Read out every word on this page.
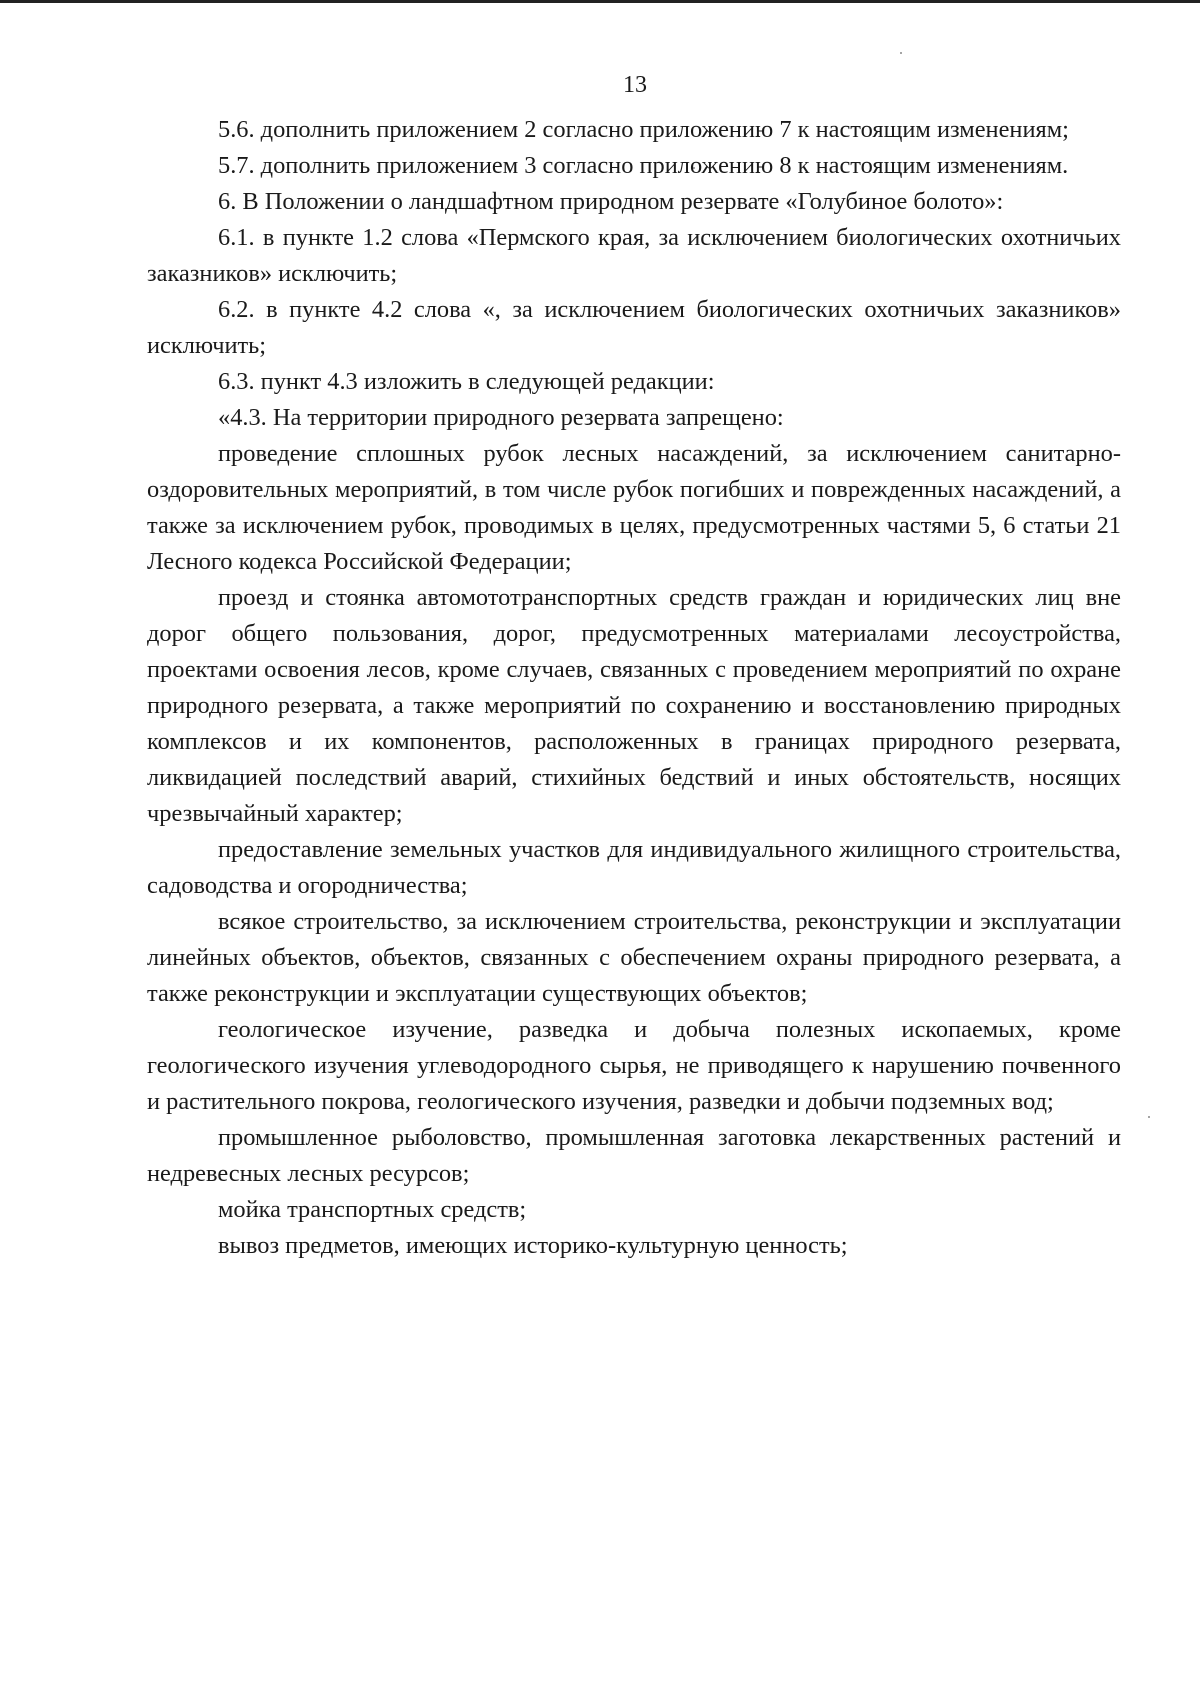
13

5.6. дополнить приложением 2 согласно приложению 7 к настоящим изменениям;

5.7. дополнить приложением 3 согласно приложению 8 к настоящим изменениям.

6. В Положении о ландшафтном природном резервате «Голубиное болото»:

6.1. в пункте 1.2 слова «Пермского края, за исключением биологических охотничьих заказников» исключить;

6.2. в пункте 4.2 слова «, за исключением биологических охотничьих заказников» исключить;

6.3. пункт 4.3 изложить в следующей редакции:

«4.3. На территории природного резервата запрещено:

проведение сплошных рубок лесных насаждений, за исключением санитарно-оздоровительных мероприятий, в том числе рубок погибших и поврежденных насаждений, а также за исключением рубок, проводимых в целях, предусмотренных частями 5, 6 статьи 21 Лесного кодекса Российской Федерации;

проезд и стоянка автомототранспортных средств граждан и юридических лиц вне дорог общего пользования, дорог, предусмотренных материалами лесоустройства, проектами освоения лесов, кроме случаев, связанных с проведением мероприятий по охране природного резервата, а также мероприятий по сохранению и восстановлению природных комплексов и их компонентов, расположенных в границах природного резервата, ликвидацией последствий аварий, стихийных бедствий и иных обстоятельств, носящих чрезвычайный характер;

предоставление земельных участков для индивидуального жилищного строительства, садоводства и огородничества;

всякое строительство, за исключением строительства, реконструкции и эксплуатации линейных объектов, объектов, связанных с обеспечением охраны природного резервата, а также реконструкции и эксплуатации существующих объектов;

геологическое изучение, разведка и добыча полезных ископаемых, кроме геологического изучения углеводородного сырья, не приводящего к нарушению почвенного и растительного покрова, геологического изучения, разведки и добычи подземных вод;

промышленное рыболовство, промышленная заготовка лекарственных растений и недревесных лесных ресурсов;

мойка транспортных средств;

вывоз предметов, имеющих историко-культурную ценность;
